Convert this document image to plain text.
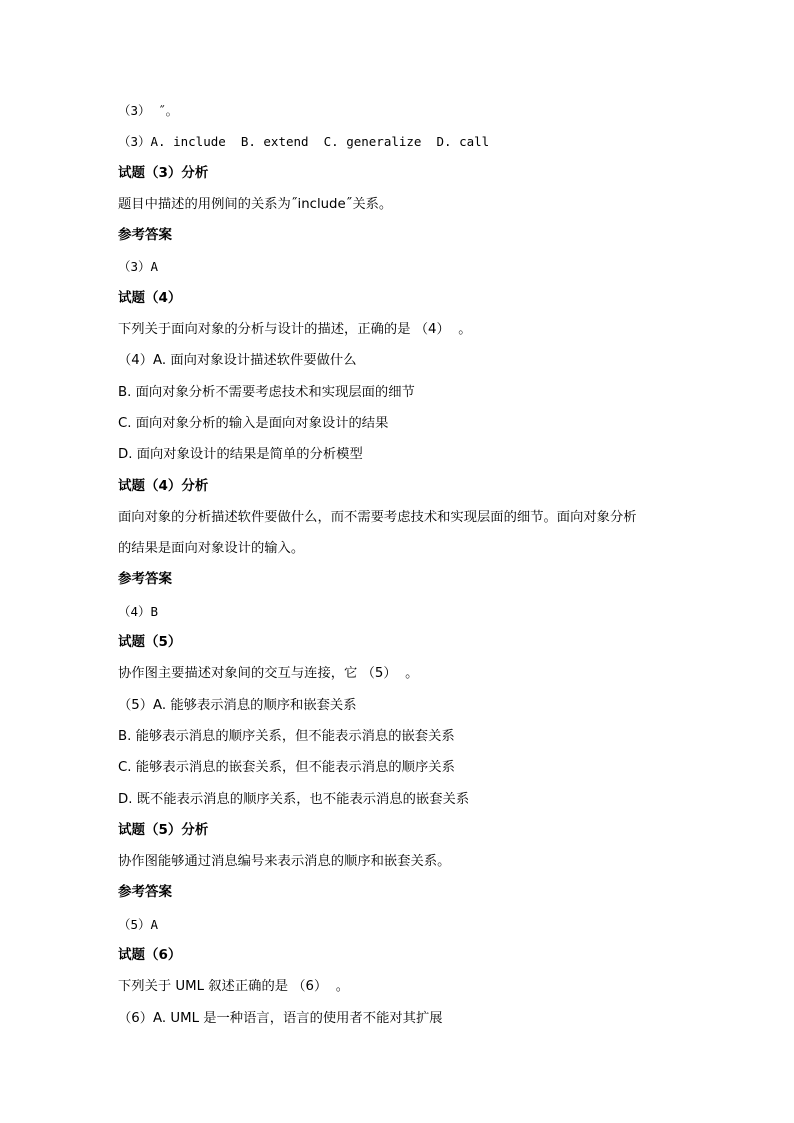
（3） ˝。
（3）A. include  B. extend  C. generalize  D. call
试题（3）分析
题目中描述的用例间的关系为˝include˝关系。
参考答案
（3）A
试题（4）
下列关于面向对象的分析与设计的描述，正确的是 （4）  。
（4）A. 面向对象设计描述软件要做什么
B. 面向对象分析不需要考虑技术和实现层面的细节
C. 面向对象分析的输入是面向对象设计的结果
D. 面向对象设计的结果是简单的分析模型
试题（4）分析
面向对象的分析描述软件要做什么，而不需要考虑技术和实现层面的细节。面向对象分析
的结果是面向对象设计的输入。
参考答案
（4）B
试题（5）
协作图主要描述对象间的交互与连接，它 （5）  。
（5）A. 能够表示消息的顺序和嵌套关系
B. 能够表示消息的顺序关系，但不能表示消息的嵌套关系
C. 能够表示消息的嵌套关系，但不能表示消息的顺序关系
D. 既不能表示消息的顺序关系，也不能表示消息的嵌套关系
试题（5）分析
协作图能够通过消息编号来表示消息的顺序和嵌套关系。
参考答案
（5）A
试题（6）
下列关于 UML 叙述正确的是 （6）  。
（6）A. UML 是一种语言，语言的使用者不能对其扩展
